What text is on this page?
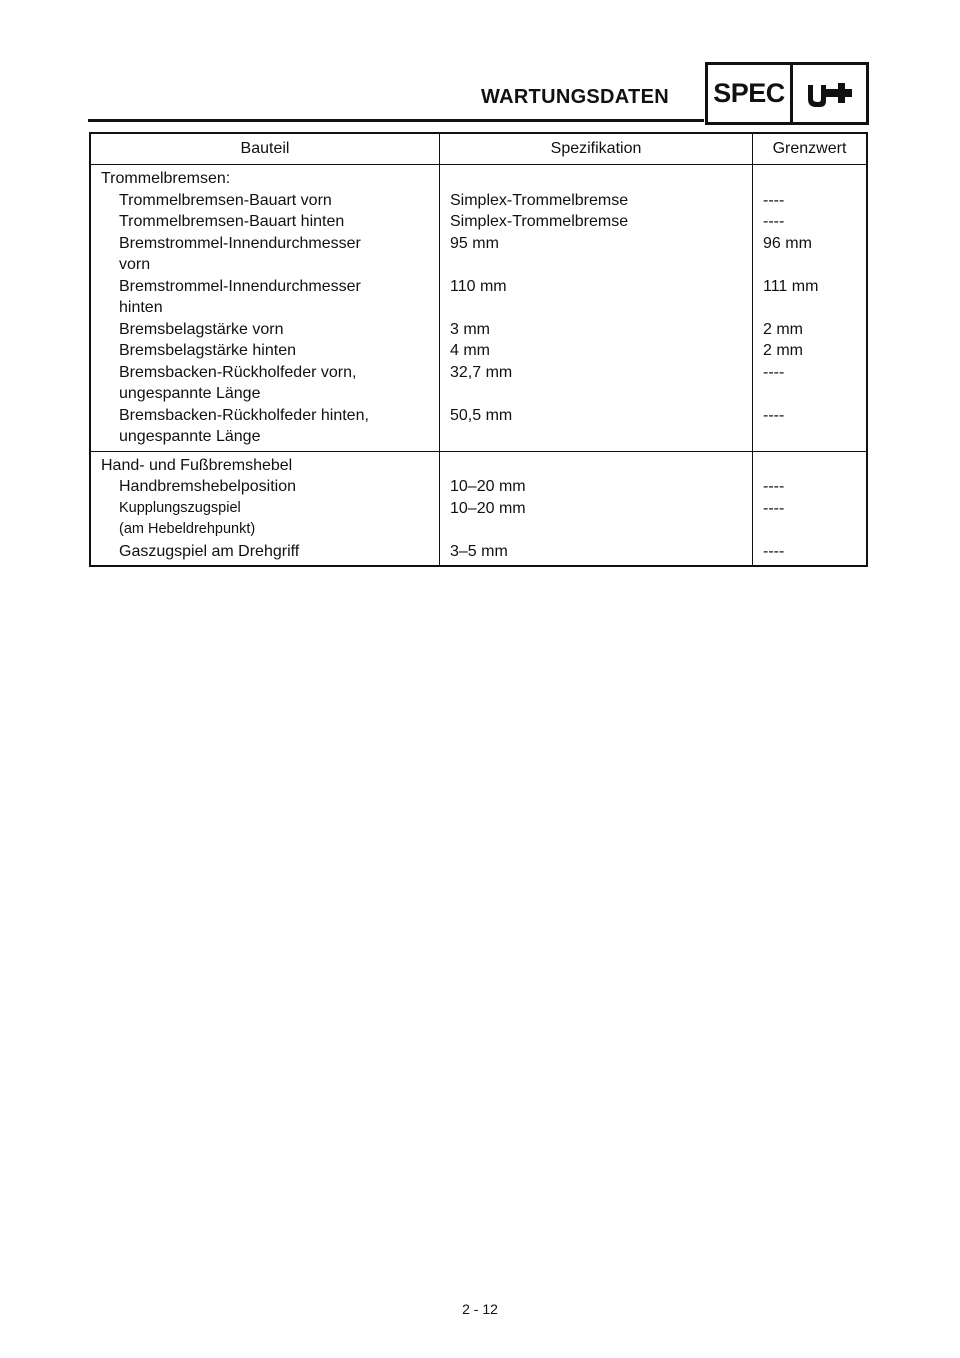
WARTUNGSDATEN SPEC
Bauteil	Spezifikation	Grenzwert
Trommelbremsen:		
Trommelbremsen-Bauart vorn	Simplex-Trommelbremse	----
Trommelbremsen-Bauart hinten	Simplex-Trommelbremse	----

Bremstrommel-Innendurchmesser
vorn	95 mm	96 mm

Bremstrommel-Innendurchmesser
hinten	110 mm	111 mm
Bremsbelagstärke vorn	3 mm	2 mm
Bremsbelagstärke hinten	4 mm	2 mm

Bremsbacken-Rückholfeder vorn,
ungespannte Länge	32,7 mm	----

Bremsbacken-Rückholfeder hinten,
ungespannte Länge	50,5 mm	----
Hand- und Fußbremshebel		
Handbremshebelposition	10–20 mm	----

Kupplungszugspiel
(am Hebeldrehpunkt)	10–20 mm	----
Gaszugspiel am Drehgriff	3–5 mm	----
2 - 12
